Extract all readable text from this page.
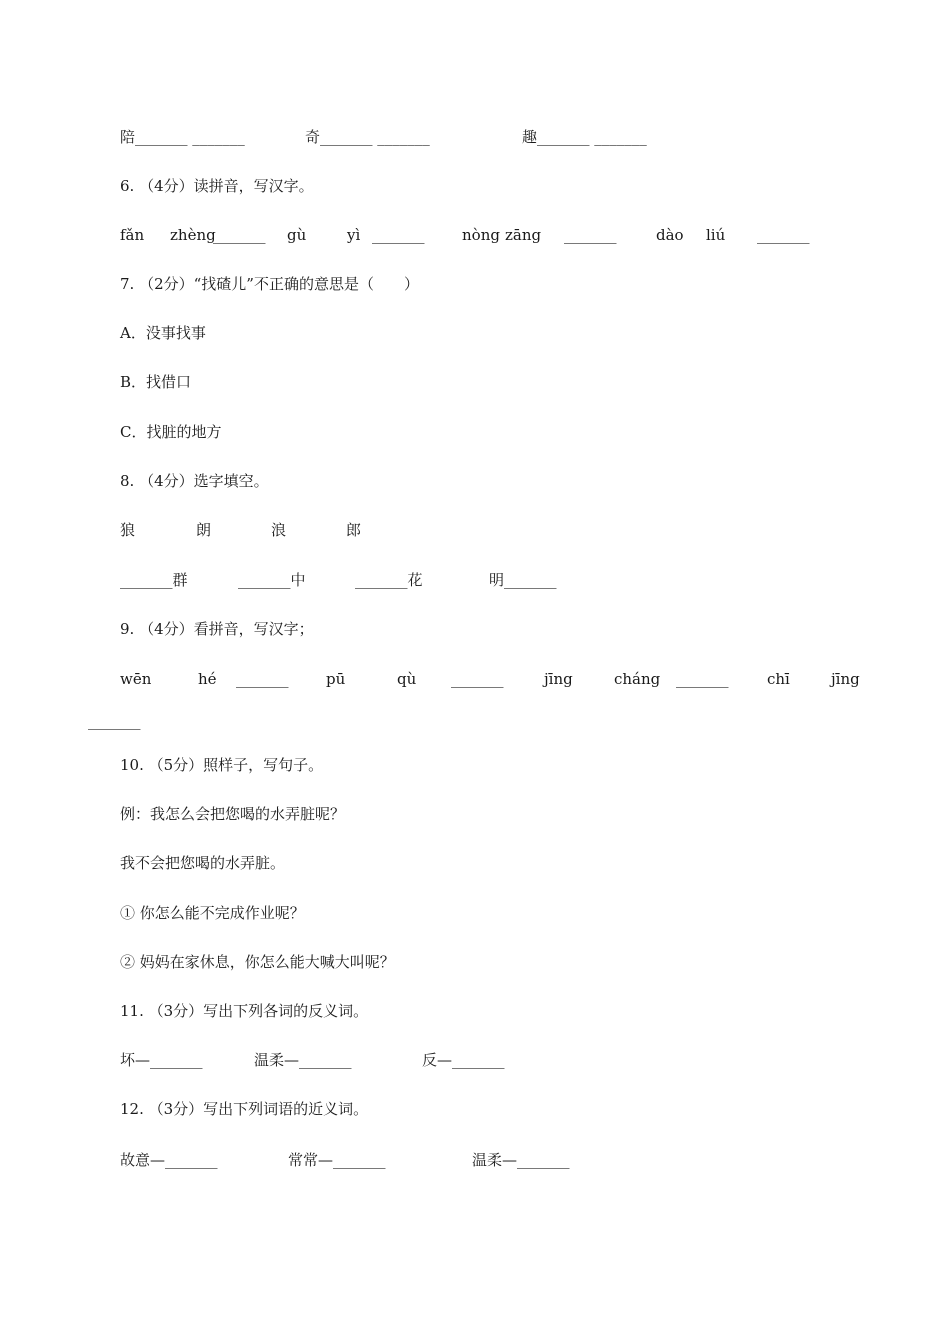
陪_______ _______	奇_______ _______	趣_______ _______
6. （4分）读拼音，写汉字。
fǎn zhèng
_______ gù	yì _______	nòng zāng _______	dào liú _______
7. （2分）“找碴儿”不正确的意思是（　　）
A．没事找事
B．找借口
C．找脏的地方
8. （4分）选字填空。
狼	朗	浪	郎
_______群	_______中	_______花	明_______
9. （4分）看拼音，写汉字；
wēn	hé _______	pū	qù _______	jīng	cháng _______	chī	jīng
_______
10. （5分）照样子，写句子。
例：我怎么会把您喝的水弄脏呢？
我不会把您喝的水弄脏。
① 你怎么能不完成作业呢？
② 妈妈在家休息，你怎么能大喊大叫呢？
11. （3分）写出下列各词的反义词。
坏—_______	温柔—_______	反—_______
12. （3分）写出下列词语的近义词。
故意—_______	常常—_______	温柔—_______
